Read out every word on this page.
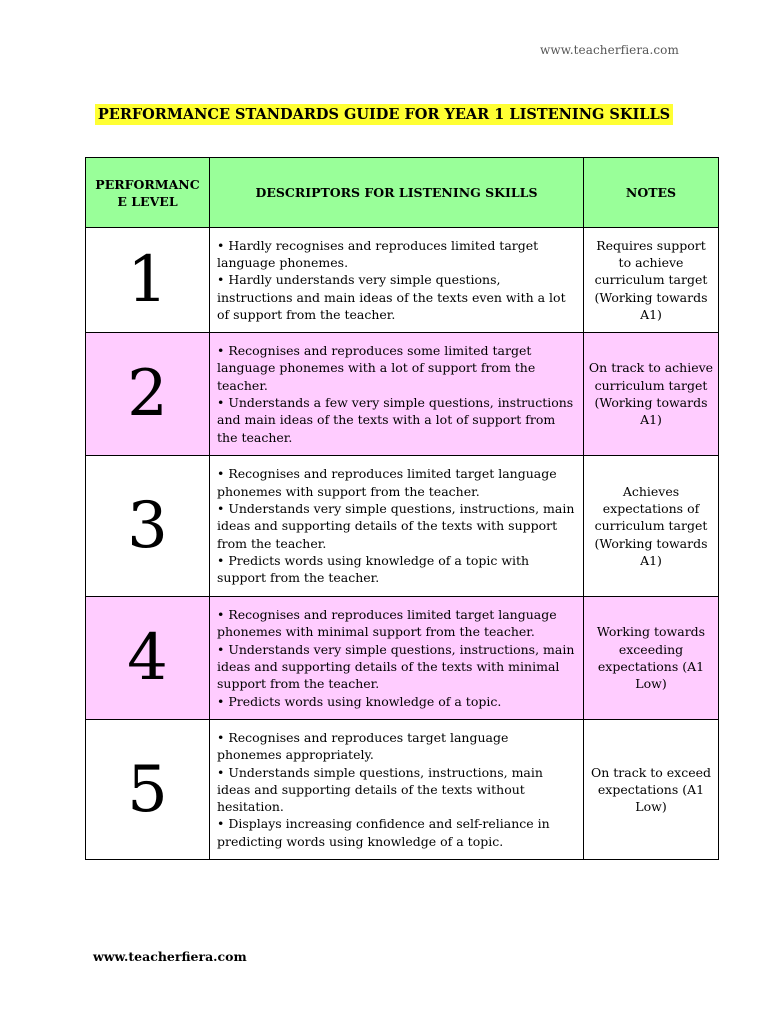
www.teacherfiera.com
PERFORMANCE STANDARDS GUIDE FOR YEAR 1 LISTENING SKILLS
PERFORMANC E LEVEL	DESCRIPTORS FOR LISTENING SKILLS	NOTES
1	• Hardly recognises and reproduces limited target language phonemes.
• Hardly understands very simple questions, instructions and main ideas of the texts even with a lot of support from the teacher.	Requires support to achieve curriculum target (Working towards A1)
2	• Recognises and reproduces some limited target language phonemes with a lot of support from the teacher.
• Understands a few very simple questions, instructions and main ideas of the texts with a lot of support from the teacher.	On track to achieve curriculum target (Working towards A1)
3	• Recognises and reproduces limited target language phonemes with support from the teacher.
• Understands very simple questions, instructions, main ideas and supporting details of the texts with support from the teacher.
• Predicts words using knowledge of a topic with support from the teacher.	Achieves expectations of curriculum target (Working towards A1)
4	• Recognises and reproduces limited target language phonemes with minimal support from the teacher.
• Understands very simple questions, instructions, main ideas and supporting details of the texts with minimal support from the teacher.
• Predicts words using knowledge of a topic.	Working towards exceeding expectations (A1 Low)
5	• Recognises and reproduces target language phonemes appropriately.
• Understands simple questions, instructions, main ideas and supporting details of the texts without hesitation.
• Displays increasing confidence and self-reliance in predicting words using knowledge of a topic.	On track to exceed expectations (A1 Low)
www.teacherfiera.com
